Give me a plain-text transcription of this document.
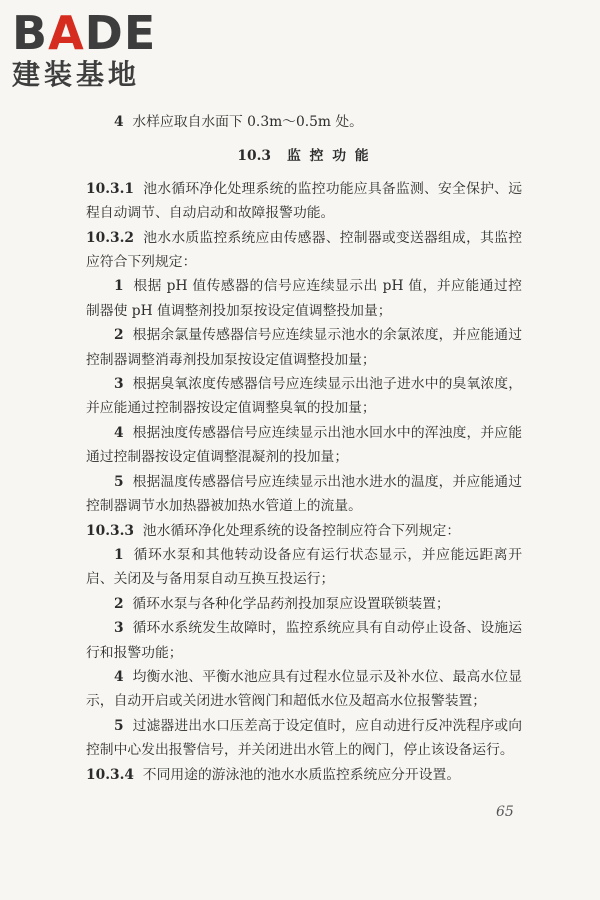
BADE
建装基地

4 水样应取自水面下 0.3m～0.5m 处。

10.3 监 控 功 能

10.3.1 池水循环净化处理系统的监控功能应具备监测、安全保护、远程自动调节、自动启动和故障报警功能。

10.3.2 池水水质监控系统应由传感器、控制器或变送器组成，其监控应符合下列规定：

1 根据 pH 值传感器的信号应连续显示出 pH 值，并应能通过控制器使 pH 值调整剂投加泵按设定值调整投加量；

2 根据余氯量传感器信号应连续显示池水的余氯浓度，并应能通过控制器调整消毒剂投加泵按设定值调整投加量；

3 根据臭氧浓度传感器信号应连续显示出池子进水中的臭氧浓度，并应能通过控制器按设定值调整臭氧的投加量；

4 根据浊度传感器信号应连续显示出池水回水中的浑浊度，并应能通过控制器按设定值调整混凝剂的投加量；

5 根据温度传感器信号应连续显示出池水进水的温度，并应能通过控制器调节水加热器被加热水管道上的流量。

10.3.3 池水循环净化处理系统的设备控制应符合下列规定：

1 循环水泵和其他转动设备应有运行状态显示，并应能远距离开启、关闭及与备用泵自动互换互投运行；

2 循环水泵与各种化学品药剂投加泵应设置联锁装置；

3 循环水系统发生故障时，监控系统应具有自动停止设备、设施运行和报警功能；

4 均衡水池、平衡水池应具有过程水位显示及补水位、最高水位显示，自动开启或关闭进水管阀门和超低水位及超高水位报警装置；

5 过滤器进出水口压差高于设定值时，应自动进行反冲洗程序或向控制中心发出报警信号，并关闭进出水管上的阀门，停止该设备运行。

10.3.4 不同用途的游泳池的池水水质监控系统应分开设置。

65
